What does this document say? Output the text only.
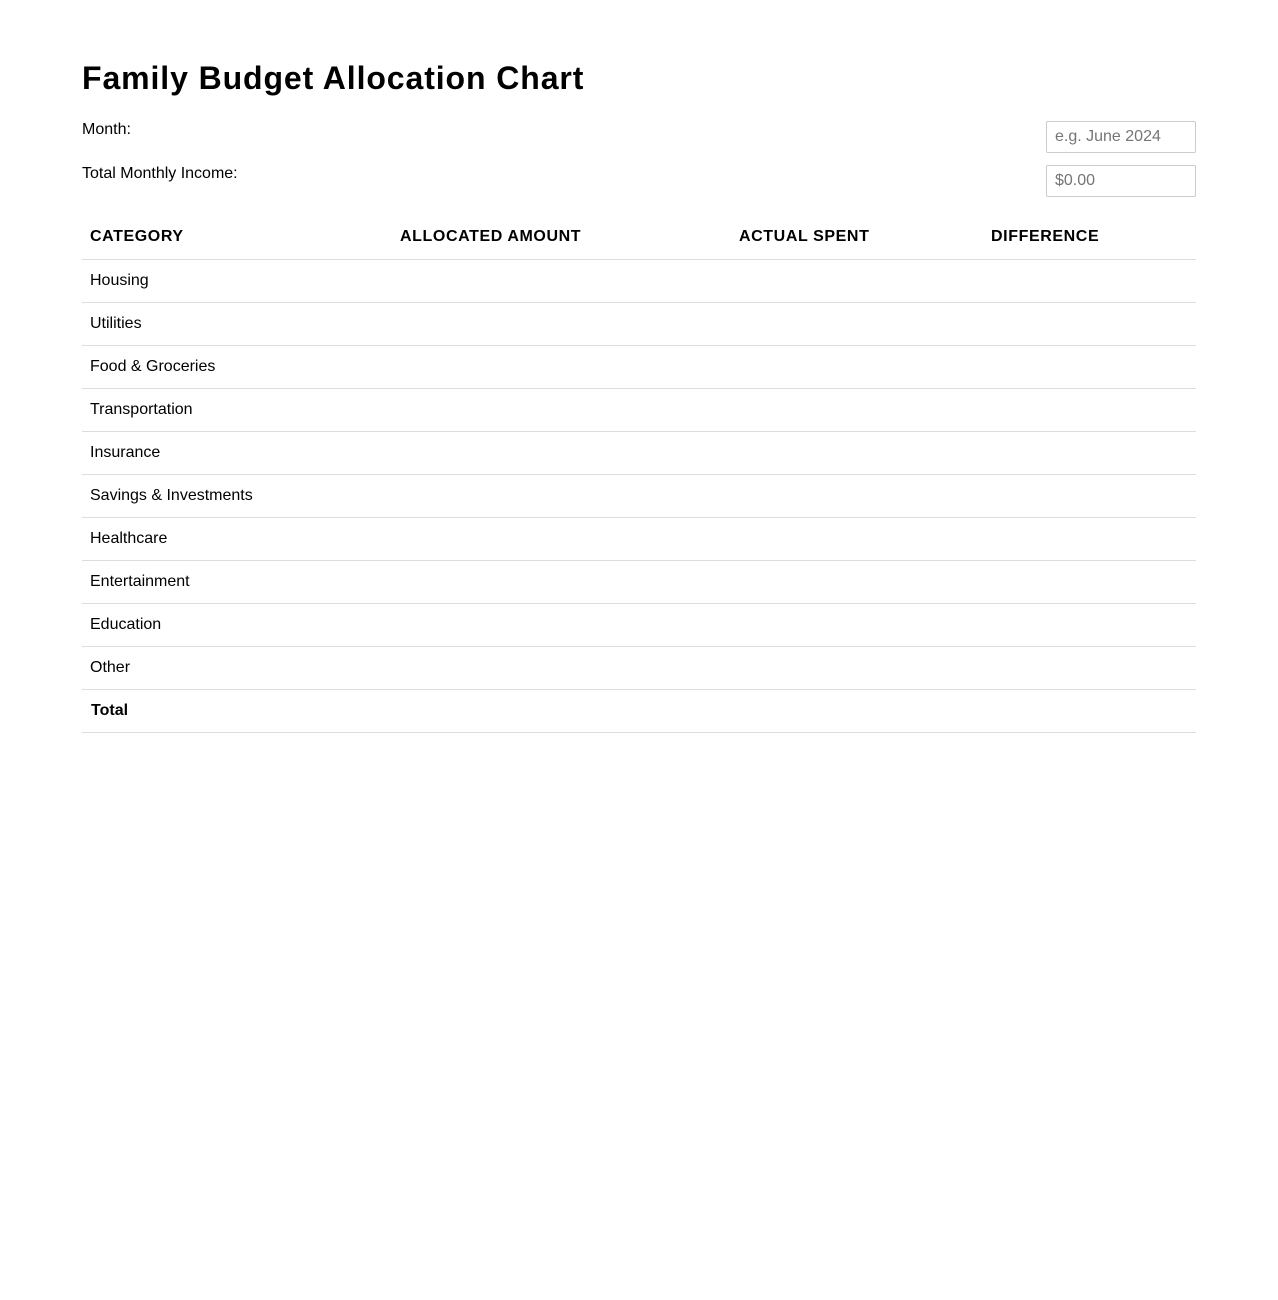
Family Budget Allocation Chart
Month:
e.g. June 2024
Total Monthly Income:
$0.00
CATEGORY	ALLOCATED AMOUNT	ACTUAL SPENT	DIFFERENCE
Housing			
Utilities			
Food & Groceries			
Transportation			
Insurance			
Savings & Investments			
Healthcare			
Entertainment			
Education			
Other			
Total			
